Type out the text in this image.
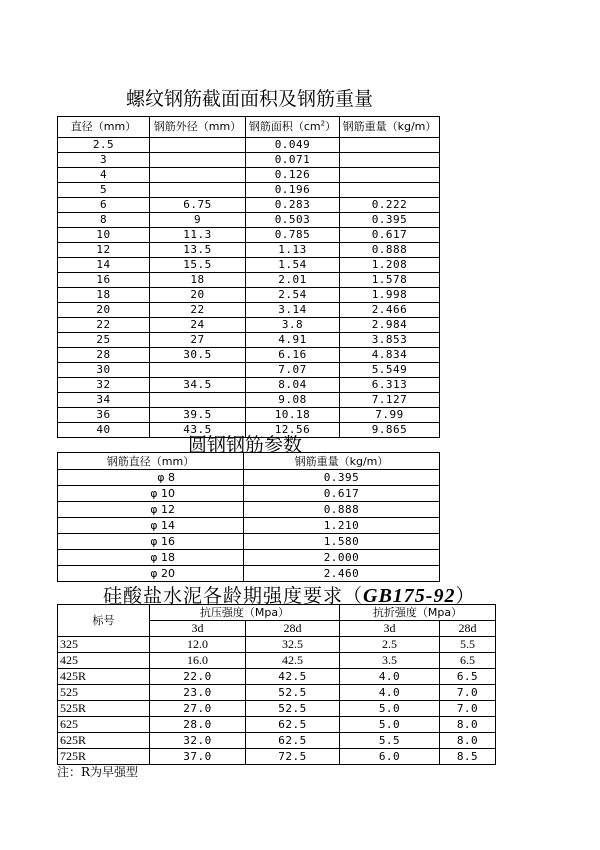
螺纹钢筋截面面积及钢筋重量
直径（mm）	钢筋外径（mm）	钢筋面积$(cm^2)$	钢筋重量（kg/m）
2.5		0.049	
3		0.071	
4		0.126	
5		0.196	
6	6.75	0.283	0.222
8	9	0.503	0.395
10	11.3	0.785	0.617
12	13.5	1.13	0.888
14	15.5	1.54	1.208
16	18	2.01	1.578
18	20	2.54	1.998
20	22	3.14	2.466
22	24	3.8	2.984
25	27	4.91	3.853
28	30.5	6.16	4.834
30		7.07	5.549
32	34.5	8.04	6.313
34		9.08	7.127
36	39.5	10.18	7.99
40	43.5	12.56	9.865
圆钢钢筋参数
钢筋直径（mm）	钢筋重量（kg/m）
φ 8	0.395
φ 10	0.617
φ 12	0.888
φ 14	1.210
φ 16	1.580
φ 18	2.000
φ 20	2.460
硅酸盐水泥各龄期强度要求（GB175-92）
标号	抗压强度（Mpa）		抗折强度（Mpa）	
	3d	28d	3d	28d
325	12.0	32.5	2.5	5.5
425	16.0	42.5	3.5	6.5
425R	22.0	42.5	4.0	6.5
525	23.0	52.5	4.0	7.0
525R	27.0	52.5	5.0	7.0
625	28.0	62.5	5.0	8.0
625R	32.0	62.5	5.5	8.0
725R	37.0	72.5	6.0	8.5
注：R为早强型
